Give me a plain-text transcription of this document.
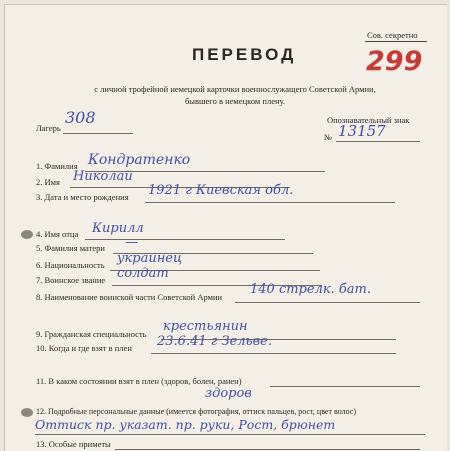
Сов. секретно
299
ПЕРЕВОД
с личной трофейной немецкой карточки военнослужащего Советской Армии,
бывшего в немецком плену.
Лагерь
308	Опознавательный знак
№ 13157
1. Фамилия Кондратенко
2. Имя Николай
3. Дата и место рождения 1921 г Киевская обл.
4. Имя отца Кирилл
5. Фамилия матери —
6. Национальность украинец
7. Воинское звание солдат
8. Наименование воинской части Советской Армии 140 стрелк. бат.
9. Гражданская специальность крестьянин
10. Когда и где взят в плен 23.6.41 г Зельве.
11. В каком состоянии взят в плен (здоров, болен, ранен)
здоров
12. Подробные персональные данные (имеется фотография, оттиск пальцев, рост, цвет волос)
Оттиск пр. указат. пр. руки, Рост, брюнет
13. Особые приметы
